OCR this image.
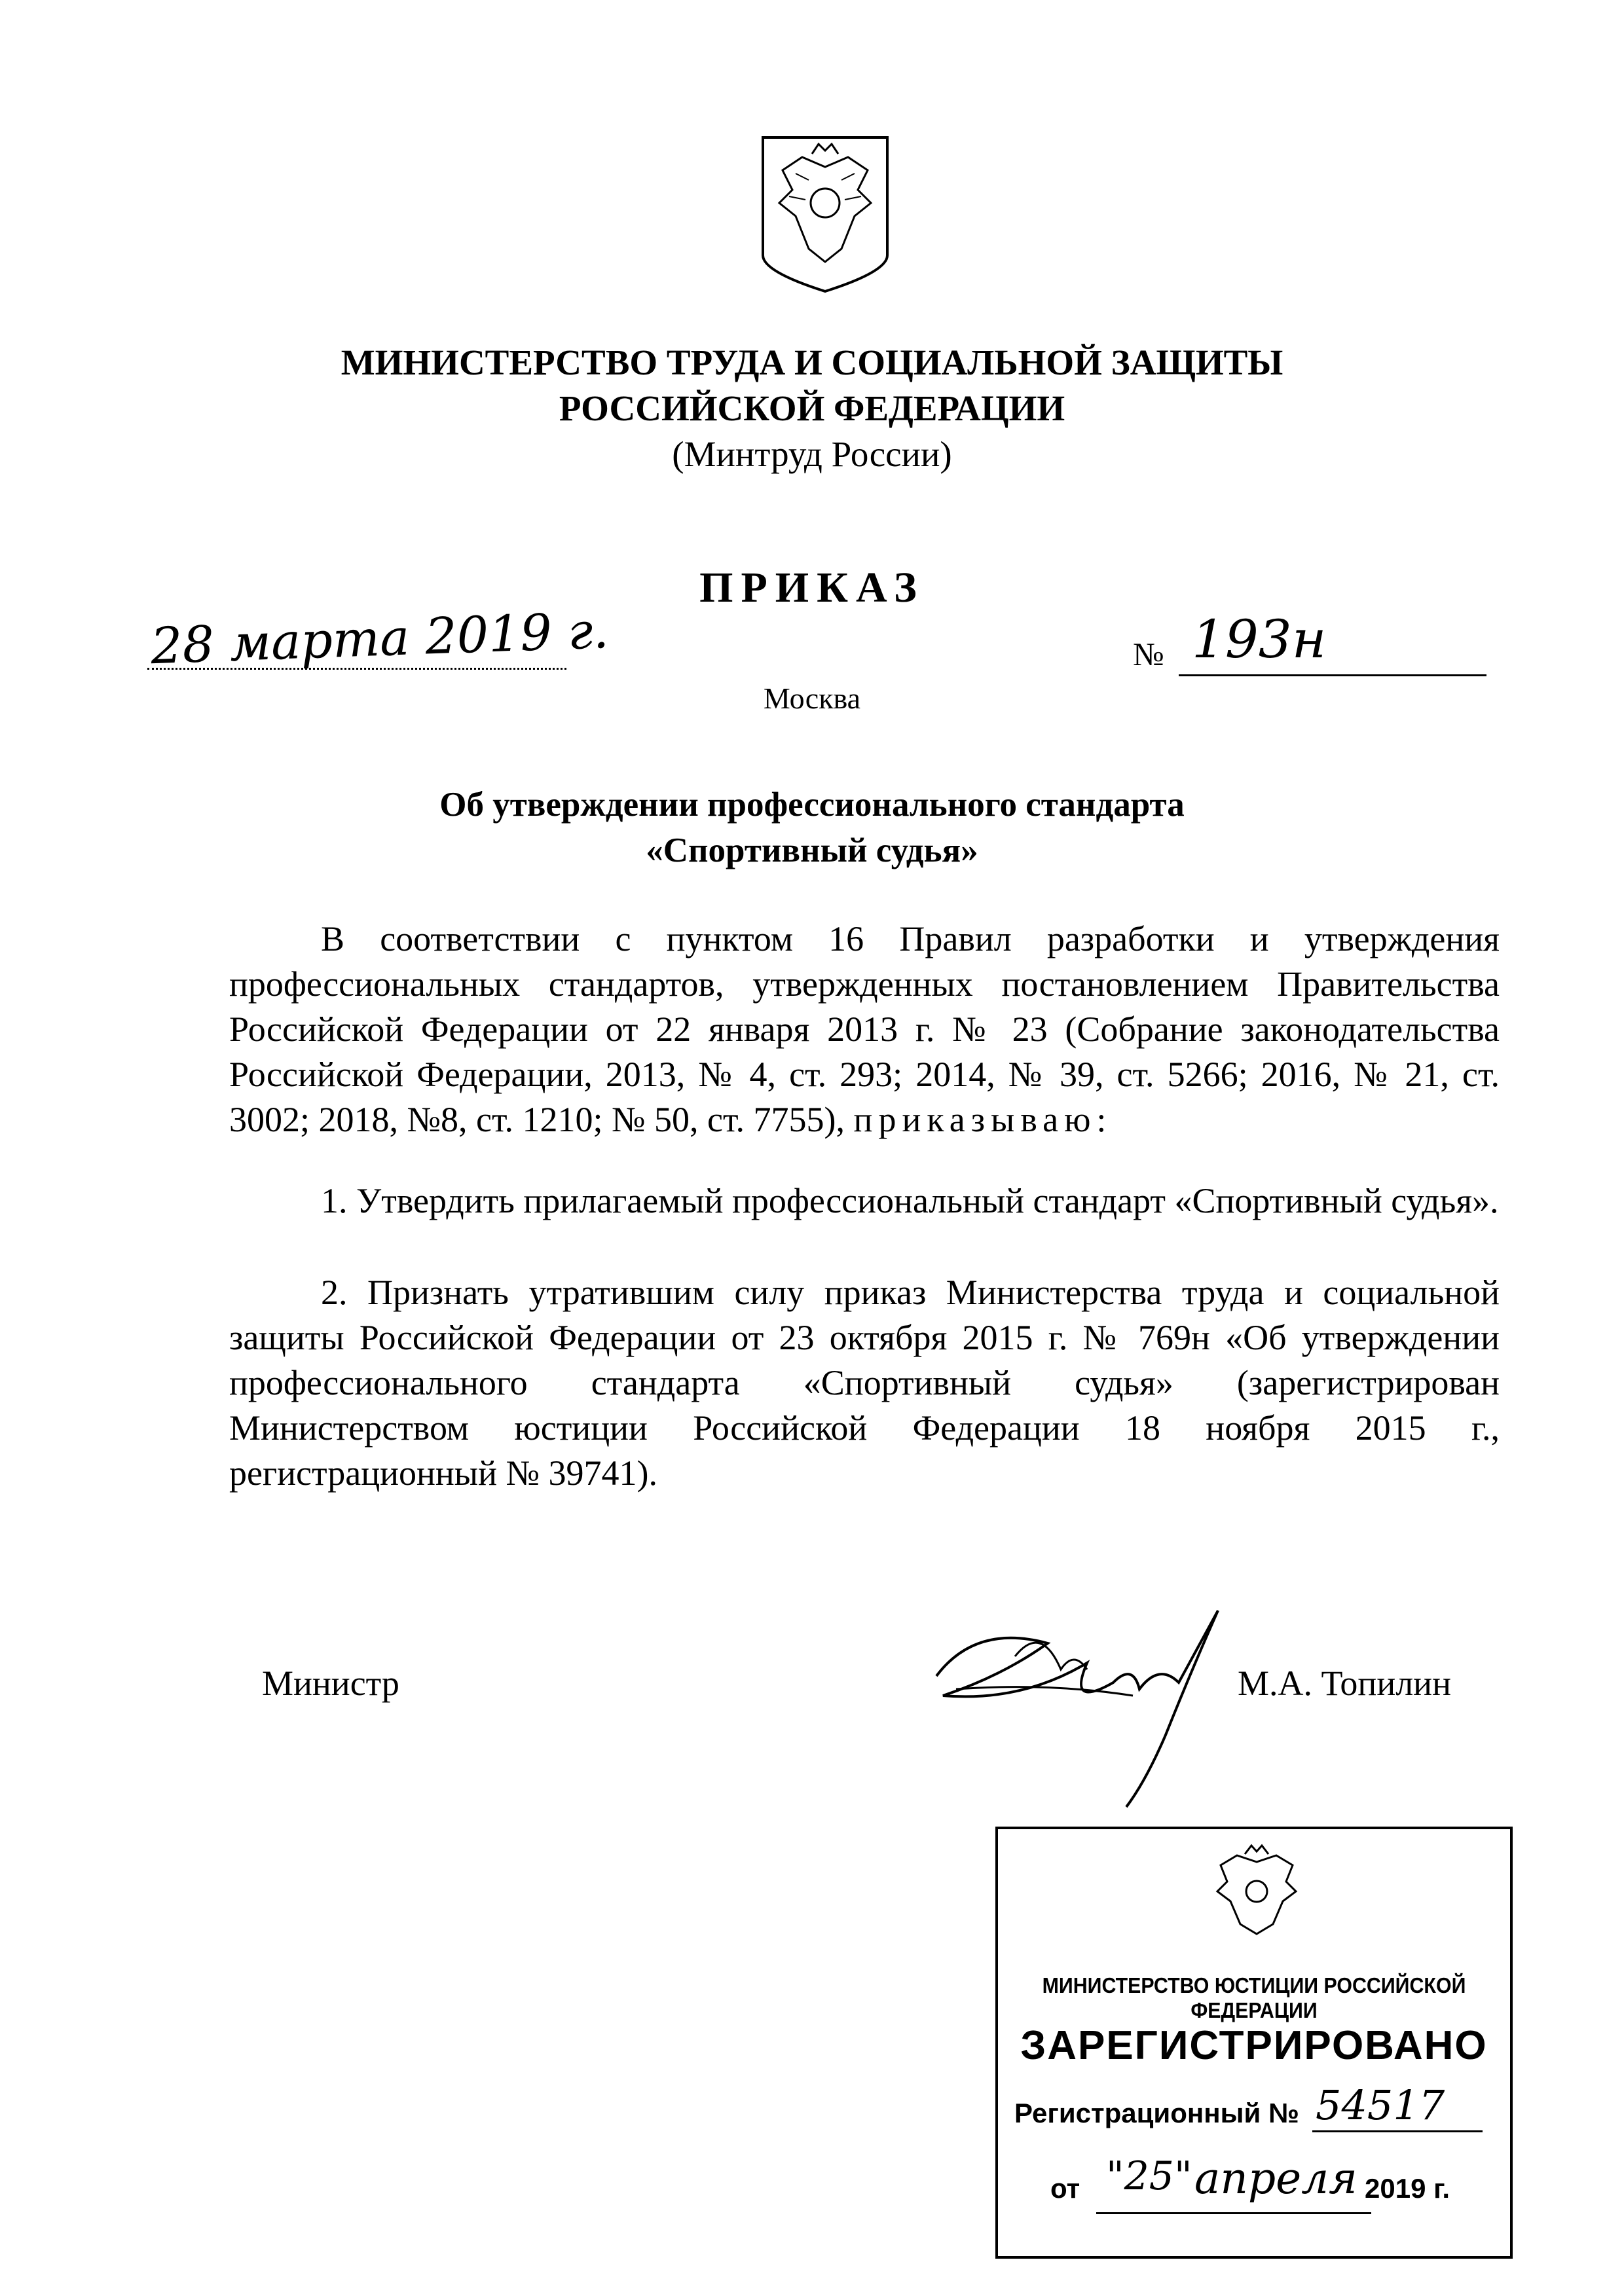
МИНИСТЕРСТВО ТРУДА И СОЦИАЛЬНОЙ ЗАЩИТЫ
РОССИЙСКОЙ ФЕДЕРАЦИИ
(Минтруд России)
ПРИКАЗ
28 марта 2019 г.	№ 193н
Москва
Об утверждении профессионального стандарта
«Спортивный судья»
В соответствии с пунктом 16 Правил разработки и утверждения профессиональных стандартов, утвержденных постановлением Правительства Российской Федерации от 22 января 2013 г. № 23 (Собрание законодательства Российской Федерации, 2013, № 4, ст. 293; 2014, № 39, ст. 5266; 2016, № 21, ст. 3002; 2018, №8, ст. 1210; № 50, ст. 7755), приказываю:
1. Утвердить прилагаемый профессиональный стандарт «Спортивный судья».
2. Признать утратившим силу приказ Министерства труда и социальной защиты Российской Федерации от 23 октября 2015 г. № 769н «Об утверждении профессионального стандарта «Спортивный судья» (зарегистрирован Министерством юстиции Российской Федерации 18 ноября 2015 г., регистрационный № 39741).
Министр	М.А. Топилин
МИНИСТЕРСТВО ЮСТИЦИИ РОССИЙСКОЙ ФЕДЕРАЦИИ
ЗАРЕГИСТРИРОВАНО
Регистрационный № 54517
от "25" апреля 2019 г.
